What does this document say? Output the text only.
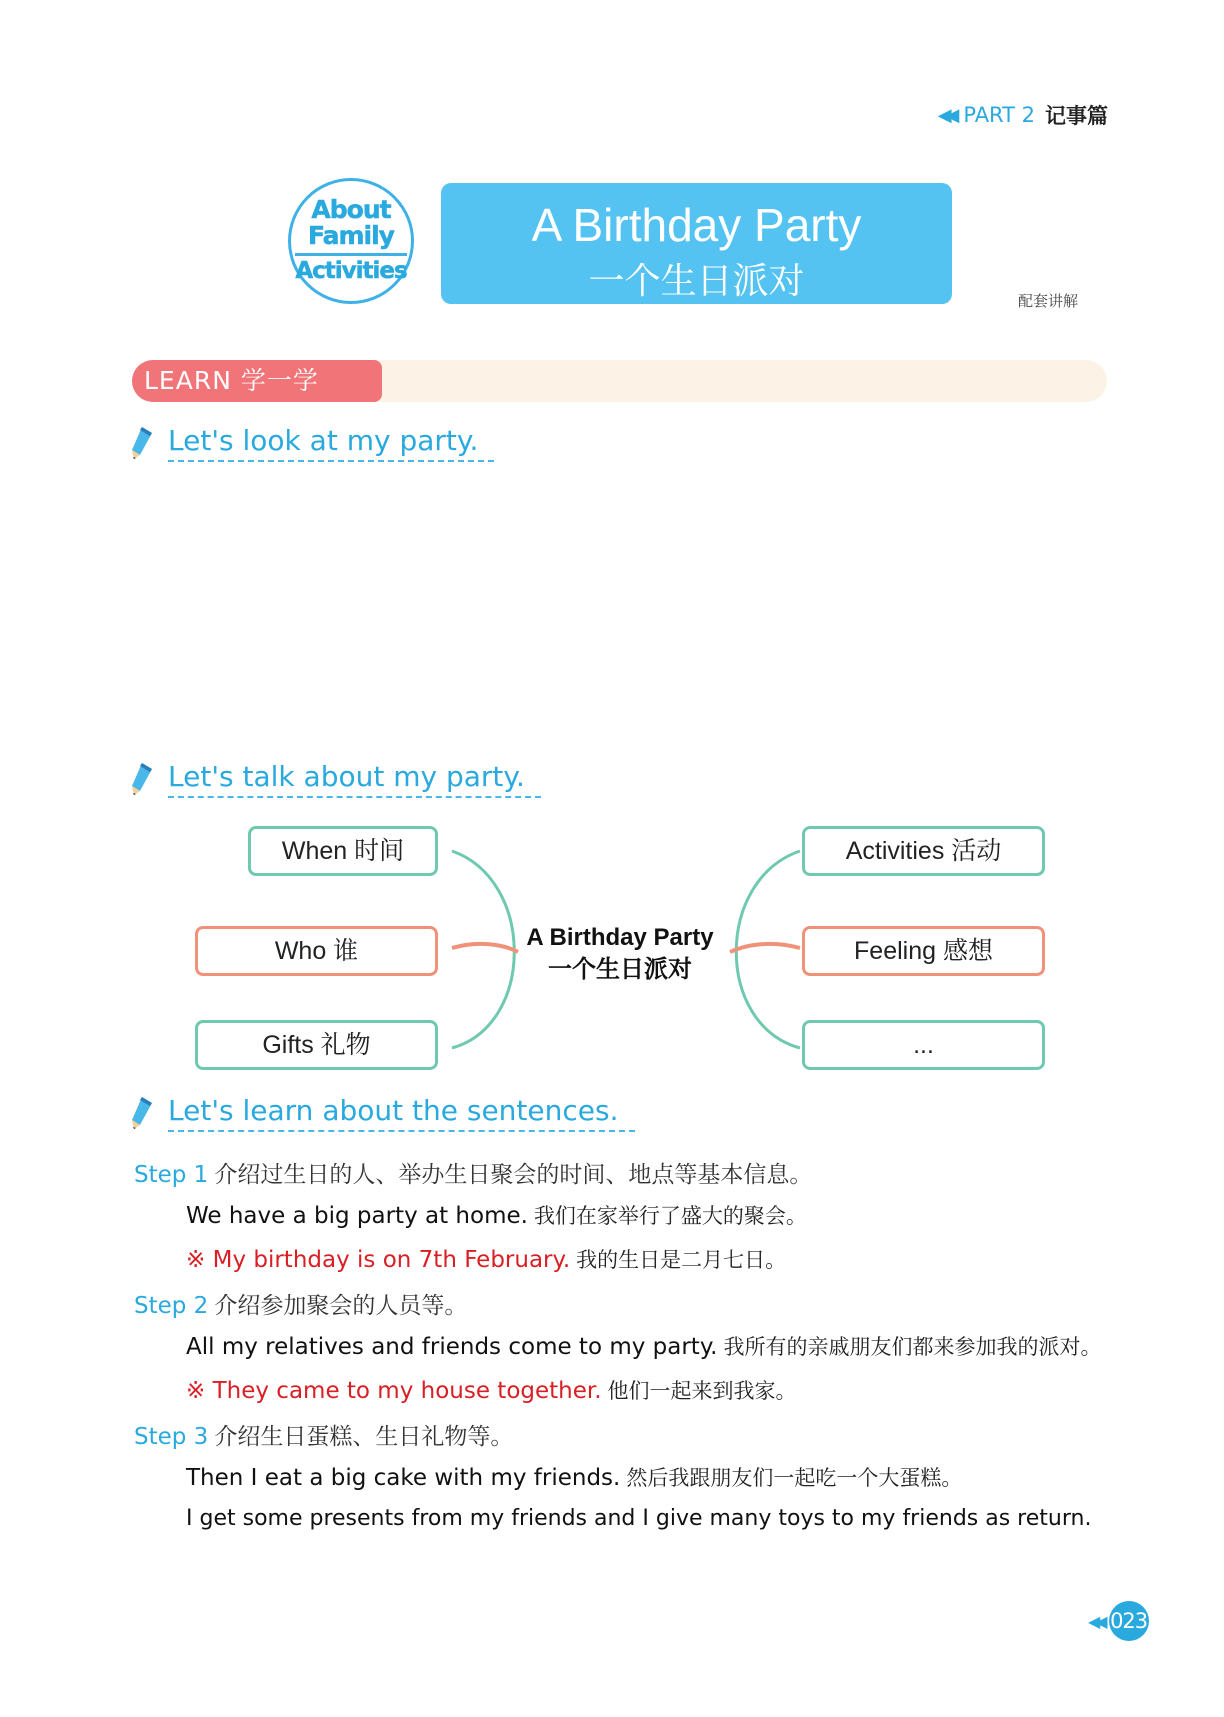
◀◀ PART 2 记事篇
About
Family
Activities
A Birthday Party
一个生日派对	配套讲解
LEARN 学一学
Let's look at my party.
Let's talk about my party.
When 时间
Who 谁
Gifts 礼物
A Birthday Party
一个生日派对
Activities 活动
Feeling 感想
...
Let's learn about the sentences.
Step 1 介绍过生日的人、举办生日聚会的时间、地点等基本信息。
We have a big party at home. 我们在家举行了盛大的聚会。
※ My birthday is on 7th February. 我的生日是二月七日。
Step 2 介绍参加聚会的人员等。
All my relatives and friends come to my party. 我所有的亲戚朋友们都来参加我的派对。
※ They came to my house together. 他们一起来到我家。
Step 3 介绍生日蛋糕、生日礼物等。
Then I eat a big cake with my friends. 然后我跟朋友们一起吃一个大蛋糕。
I get some presents from my friends and I give many toys to my friends as return.
◀◀ 023
